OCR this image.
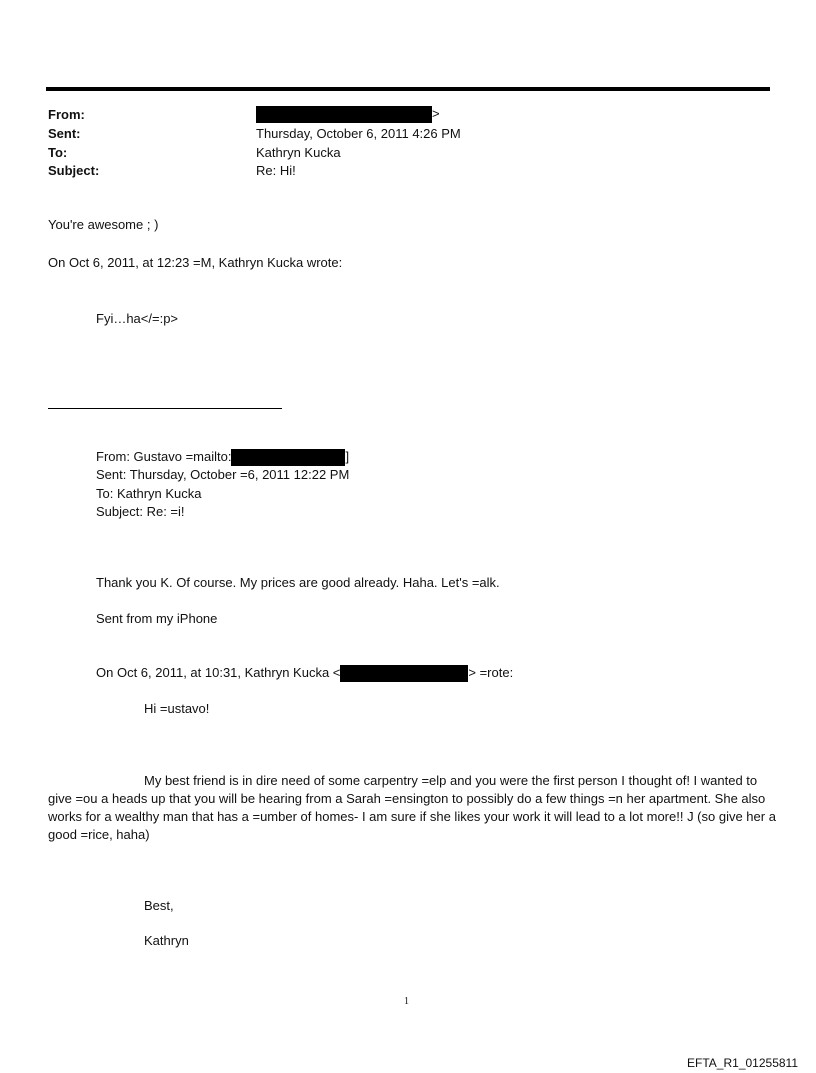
From:	>
Sent:	Thursday, October 6, 2011 4:26 PM
To:	Kathryn Kucka
Subject:	Re: Hi!
You're awesome ; )
On Oct 6, 2011, at 12:23 =M, Kathryn Kucka wrote:
Fyi…ha</=:p>
From: Gustavo =mailto:	]
Sent: Thursday, October =6, 2011 12:22 PM
To: Kathryn Kucka
Subject: Re: =i!
Thank you K. Of course. My prices are good already. Haha. Let's =alk.
Sent from my iPhone
On Oct 6, 2011, at 10:31, Kathryn Kucka <	> =rote:
Hi =ustavo!
My best friend is in dire need of some carpentry =elp and you were the first person I thought of! I wanted to give =ou a heads up that you will be hearing from a Sarah =ensington to possibly do a few things =n her apartment. She also works for a wealthy man that has a =umber of homes- I am sure if she likes your work it will lead to a lot more!! J (so give her a good =rice, haha)
Best,
Kathryn
1
EFTA_R1_01255811
